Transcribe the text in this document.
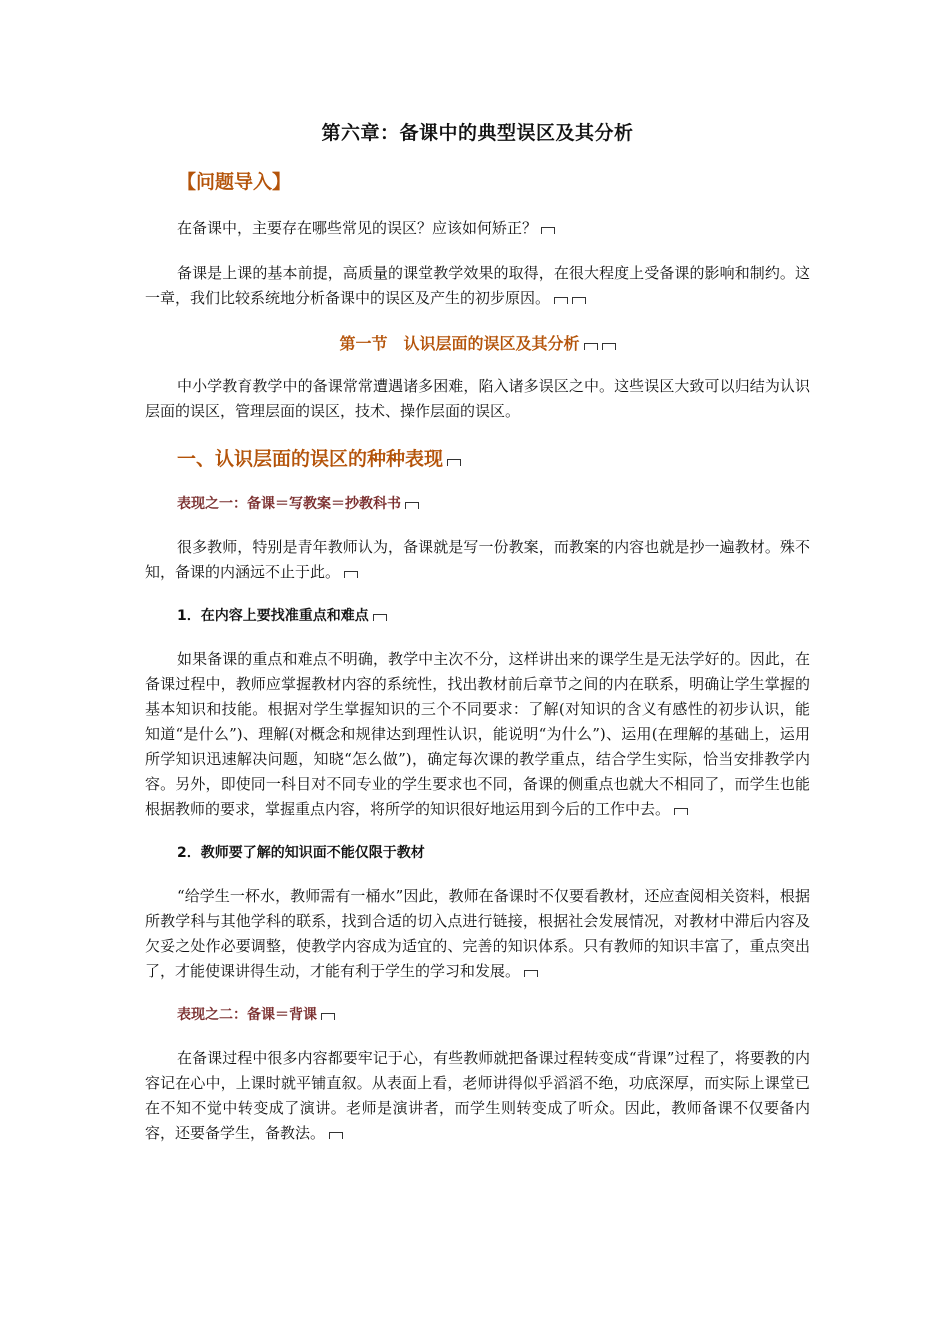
第六章：备课中的典型误区及其分析
【问题导入】

在备课中，主要存在哪些常见的误区？应该如何矫正？

备课是上课的基本前提，高质量的课堂教学效果的取得，在很大程度上受备课的影响和制约。这一章，我们比较系统地分析备课中的误区及产生的初步原因。

第一节　认识层面的误区及其分析

中小学教育教学中的备课常常遭遇诸多困难，陷入诸多误区之中。这些误区大致可以归结为认识层面的误区，管理层面的误区，技术、操作层面的误区。

一、认识层面的误区的种种表现
表现之一：备课＝写教案＝抄教科书

很多教师，特别是青年教师认为，备课就是写一份教案，而教案的内容也就是抄一遍教材。殊不知，备课的内涵远不止于此。

1．在内容上要找准重点和难点

如果备课的重点和难点不明确，教学中主次不分，这样讲出来的课学生是无法学好的。因此，在备课过程中，教师应掌握教材内容的系统性，找出教材前后章节之间的内在联系，明确让学生掌握的基本知识和技能。根据对学生掌握知识的三个不同要求：了解(对知识的含义有感性的初步认识，能知道“是什么”)、理解(对概念和规律达到理性认识，能说明“为什么”)、运用(在理解的基础上，运用所学知识迅速解决问题，知晓“怎么做”)，确定每次课的教学重点，结合学生实际，恰当安排教学内容。另外，即使同一科目对不同专业的学生要求也不同，备课的侧重点也就大不相同了，而学生也能根据教师的要求，掌握重点内容，将所学的知识很好地运用到今后的工作中去。

2．教师要了解的知识面不能仅限于教材

“给学生一杯水，教师需有一桶水”因此，教师在备课时不仅要看教材，还应查阅相关资料，根据所教学科与其他学科的联系，找到合适的切入点进行链接，根据社会发展情况，对教材中滞后内容及欠妥之处作必要调整，使教学内容成为适宜的、完善的知识体系。只有教师的知识丰富了，重点突出了，才能使课讲得生动，才能有利于学生的学习和发展。

表现之二：备课＝背课

在备课过程中很多内容都要牢记于心，有些教师就把备课过程转变成“背课”过程了，将要教的内容记在心中，上课时就平铺直叙。从表面上看，老师讲得似乎滔滔不绝，功底深厚，而实际上课堂已在不知不觉中转变成了演讲。老师是演讲者，而学生则转变成了听众。因此，教师备课不仅要备内容，还要备学生，备教法。
